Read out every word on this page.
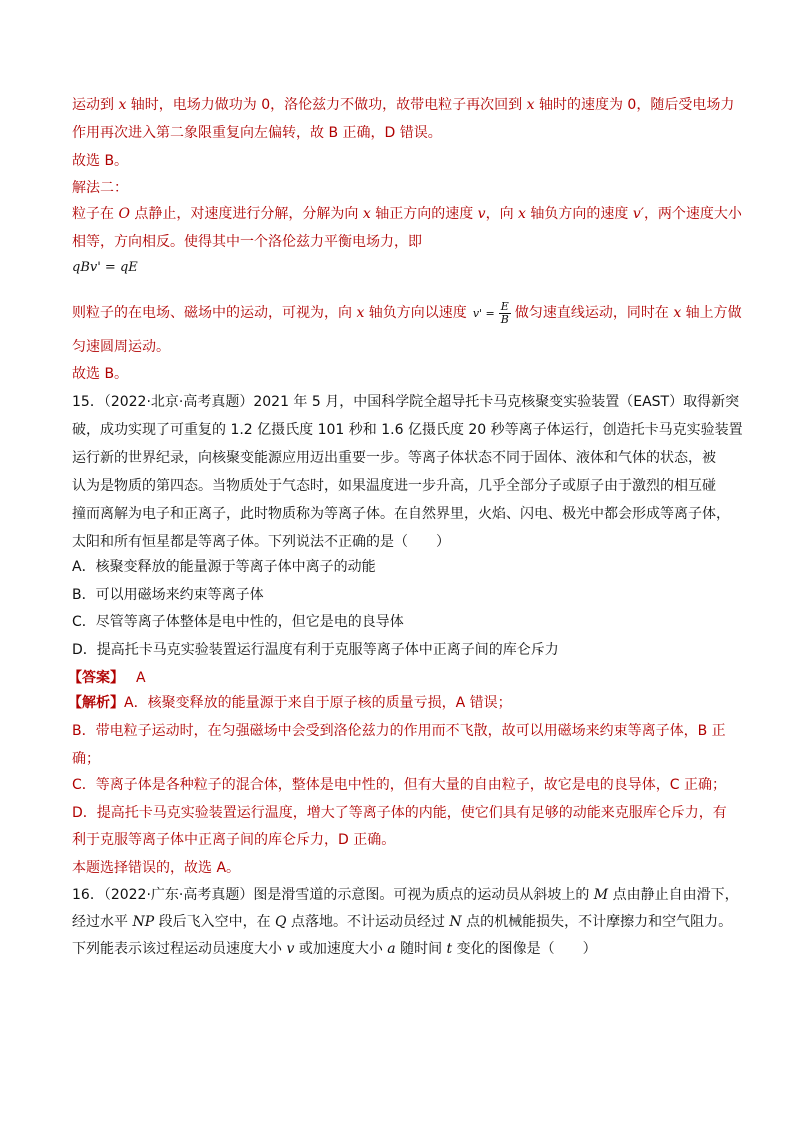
运动到 x 轴时，电场力做功为 0，洛伦兹力不做功，故带电粒子再次回到 x 轴时的速度为 0，随后受电场力
作用再次进入第二象限重复向左偏转，故 B 正确，D 错误。
故选 B。
解法二：
粒子在 O 点静止，对速度进行分解，分解为向 x 轴正方向的速度 v，向 x 轴负方向的速度 v′，两个速度大小
相等，方向相反。使得其中一个洛伦兹力平衡电场力，即
qBv' = qE
则粒子的在电场、磁场中的运动，可视为，向 x 轴负方向以速度 $v' = \frac{E}{B}$ 做匀速直线运动，同时在 x 轴上方做
匀速圆周运动。
故选 B。
15．（2022·北京·高考真题）2021 年 5 月，中国科学院全超导托卡马克核聚变实验装置（EAST）取得新突
破，成功实现了可重复的 1.2 亿摄氏度 101 秒和 1.6 亿摄氏度 20 秒等离子体运行，创造托卡马克实验装置
运行新的世界纪录，向核聚变能源应用迈出重要一步。等离子体状态不同于固体、液体和气体的状态，被
认为是物质的第四态。当物质处于气态时，如果温度进一步升高，几乎全部分子或原子由于激烈的相互碰
撞而离解为电子和正离子，此时物质称为等离子体。在自然界里，火焰、闪电、极光中都会形成等离子体，
太阳和所有恒星都是等离子体。下列说法不正确的是（　　）
A．核聚变释放的能量源于等离子体中离子的动能
B．可以用磁场来约束等离子体
C．尽管等离子体整体是电中性的，但它是电的良导体
D．提高托卡马克实验装置运行温度有利于克服等离子体中正离子间的库仑斥力
【答案】 A
【解析】A．核聚变释放的能量源于来自于原子核的质量亏损，A 错误；
B．带电粒子运动时，在匀强磁场中会受到洛伦兹力的作用而不飞散，故可以用磁场来约束等离子体，B 正
确；
C．等离子体是各种粒子的混合体，整体是电中性的，但有大量的自由粒子，故它是电的良导体，C 正确；
D．提高托卡马克实验装置运行温度，增大了等离子体的内能，使它们具有足够的动能来克服库仑斥力，有
利于克服等离子体中正离子间的库仑斥力，D 正确。
本题选择错误的，故选 A。
16．（2022·广东·高考真题）图是滑雪道的示意图。可视为质点的运动员从斜坡上的 M 点由静止自由滑下，
经过水平 NP 段后飞入空中，在 Q 点落地。不计运动员经过 N 点的机械能损失，不计摩擦力和空气阻力。
下列能表示该过程运动员速度大小 v 或加速度大小 a 随时间 t 变化的图像是（　　）
